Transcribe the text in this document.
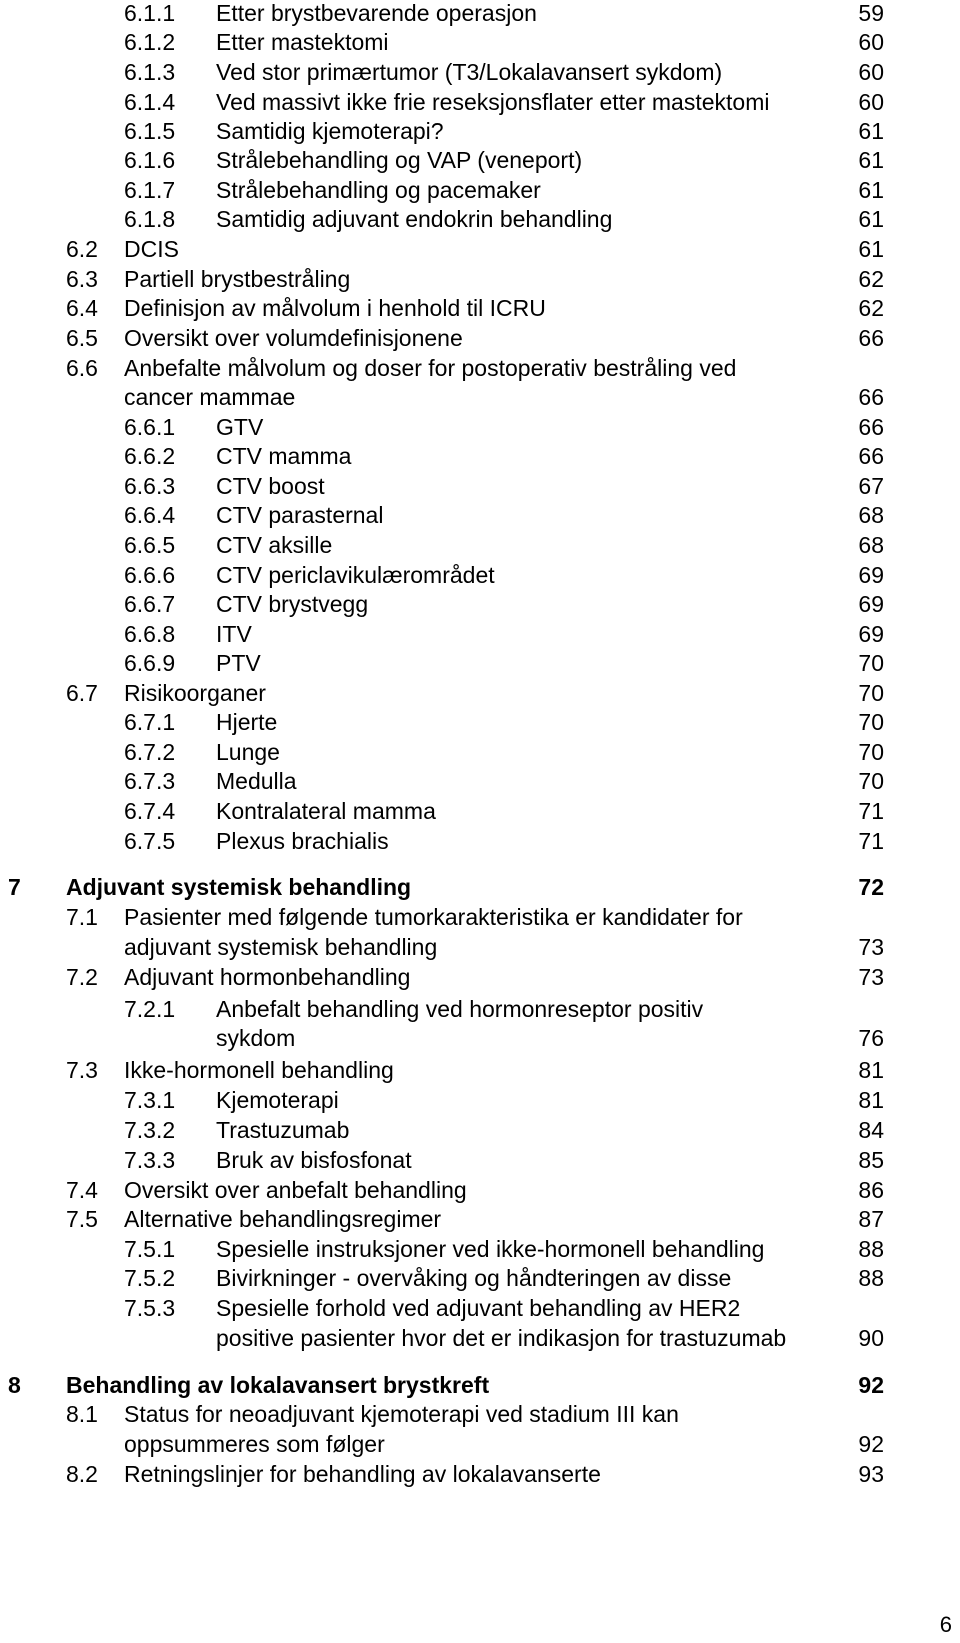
6.1.1 Etter brystbevarende operasjon	59
6.1.2 Etter mastektomi	60
6.1.3 Ved stor primærtumor (T3/Lokalavansert sykdom)	60
6.1.4 Ved massivt ikke frie reseksjonsflater etter mastektomi	60
6.1.5 Samtidig kjemoterapi?	61
6.1.6 Strålebehandling og VAP (veneport)	61
6.1.7 Strålebehandling og pacemaker	61
6.1.8 Samtidig adjuvant endokrin behandling	61
6.2 DCIS	61
6.3 Partiell brystbestråling	62
6.4 Definisjon av målvolum i henhold til ICRU	62
6.5 Oversikt over volumdefinisjonene	66
6.6 Anbefalte målvolum og doser for postoperativ bestråling ved
cancer mammae	66
6.6.1 GTV	66
6.6.2 CTV mamma	66
6.6.3 CTV boost	67
6.6.4 CTV parasternal	68
6.6.5 CTV aksille	68
6.6.6 CTV periclavikulærområdet	69
6.6.7 CTV brystvegg	69
6.6.8 ITV	69
6.6.9 PTV	70
6.7 Risikoorganer	70
6.7.1 Hjerte	70
6.7.2 Lunge	70
6.7.3 Medulla	70
6.7.4 Kontralateral mamma	71
6.7.5 Plexus brachialis	71
7 Adjuvant systemisk behandling	72
7.1 Pasienter med følgende tumorkarakteristika er kandidater for
adjuvant systemisk behandling	73
7.2 Adjuvant hormonbehandling	73
7.2.1 Anbefalt behandling ved hormonreseptor positiv
sykdom	76
7.3 Ikke-hormonell behandling	81
7.3.1 Kjemoterapi	81
7.3.2 Trastuzumab	84
7.3.3 Bruk av bisfosfonat	85
7.4 Oversikt over anbefalt behandling	86
7.5 Alternative behandlingsregimer	87
7.5.1 Spesielle instruksjoner ved ikke-hormonell behandling	88
7.5.2 Bivirkninger - overvåking og håndteringen av disse	88
7.5.3 Spesielle forhold ved adjuvant behandling av HER2
positive pasienter hvor det er indikasjon for trastuzumab	90
8 Behandling av lokalavansert brystkreft	92
8.1 Status for neoadjuvant kjemoterapi ved stadium III kan
oppsummeres som følger	92
8.2 Retningslinjer for behandling av lokalavanserte	93
6
